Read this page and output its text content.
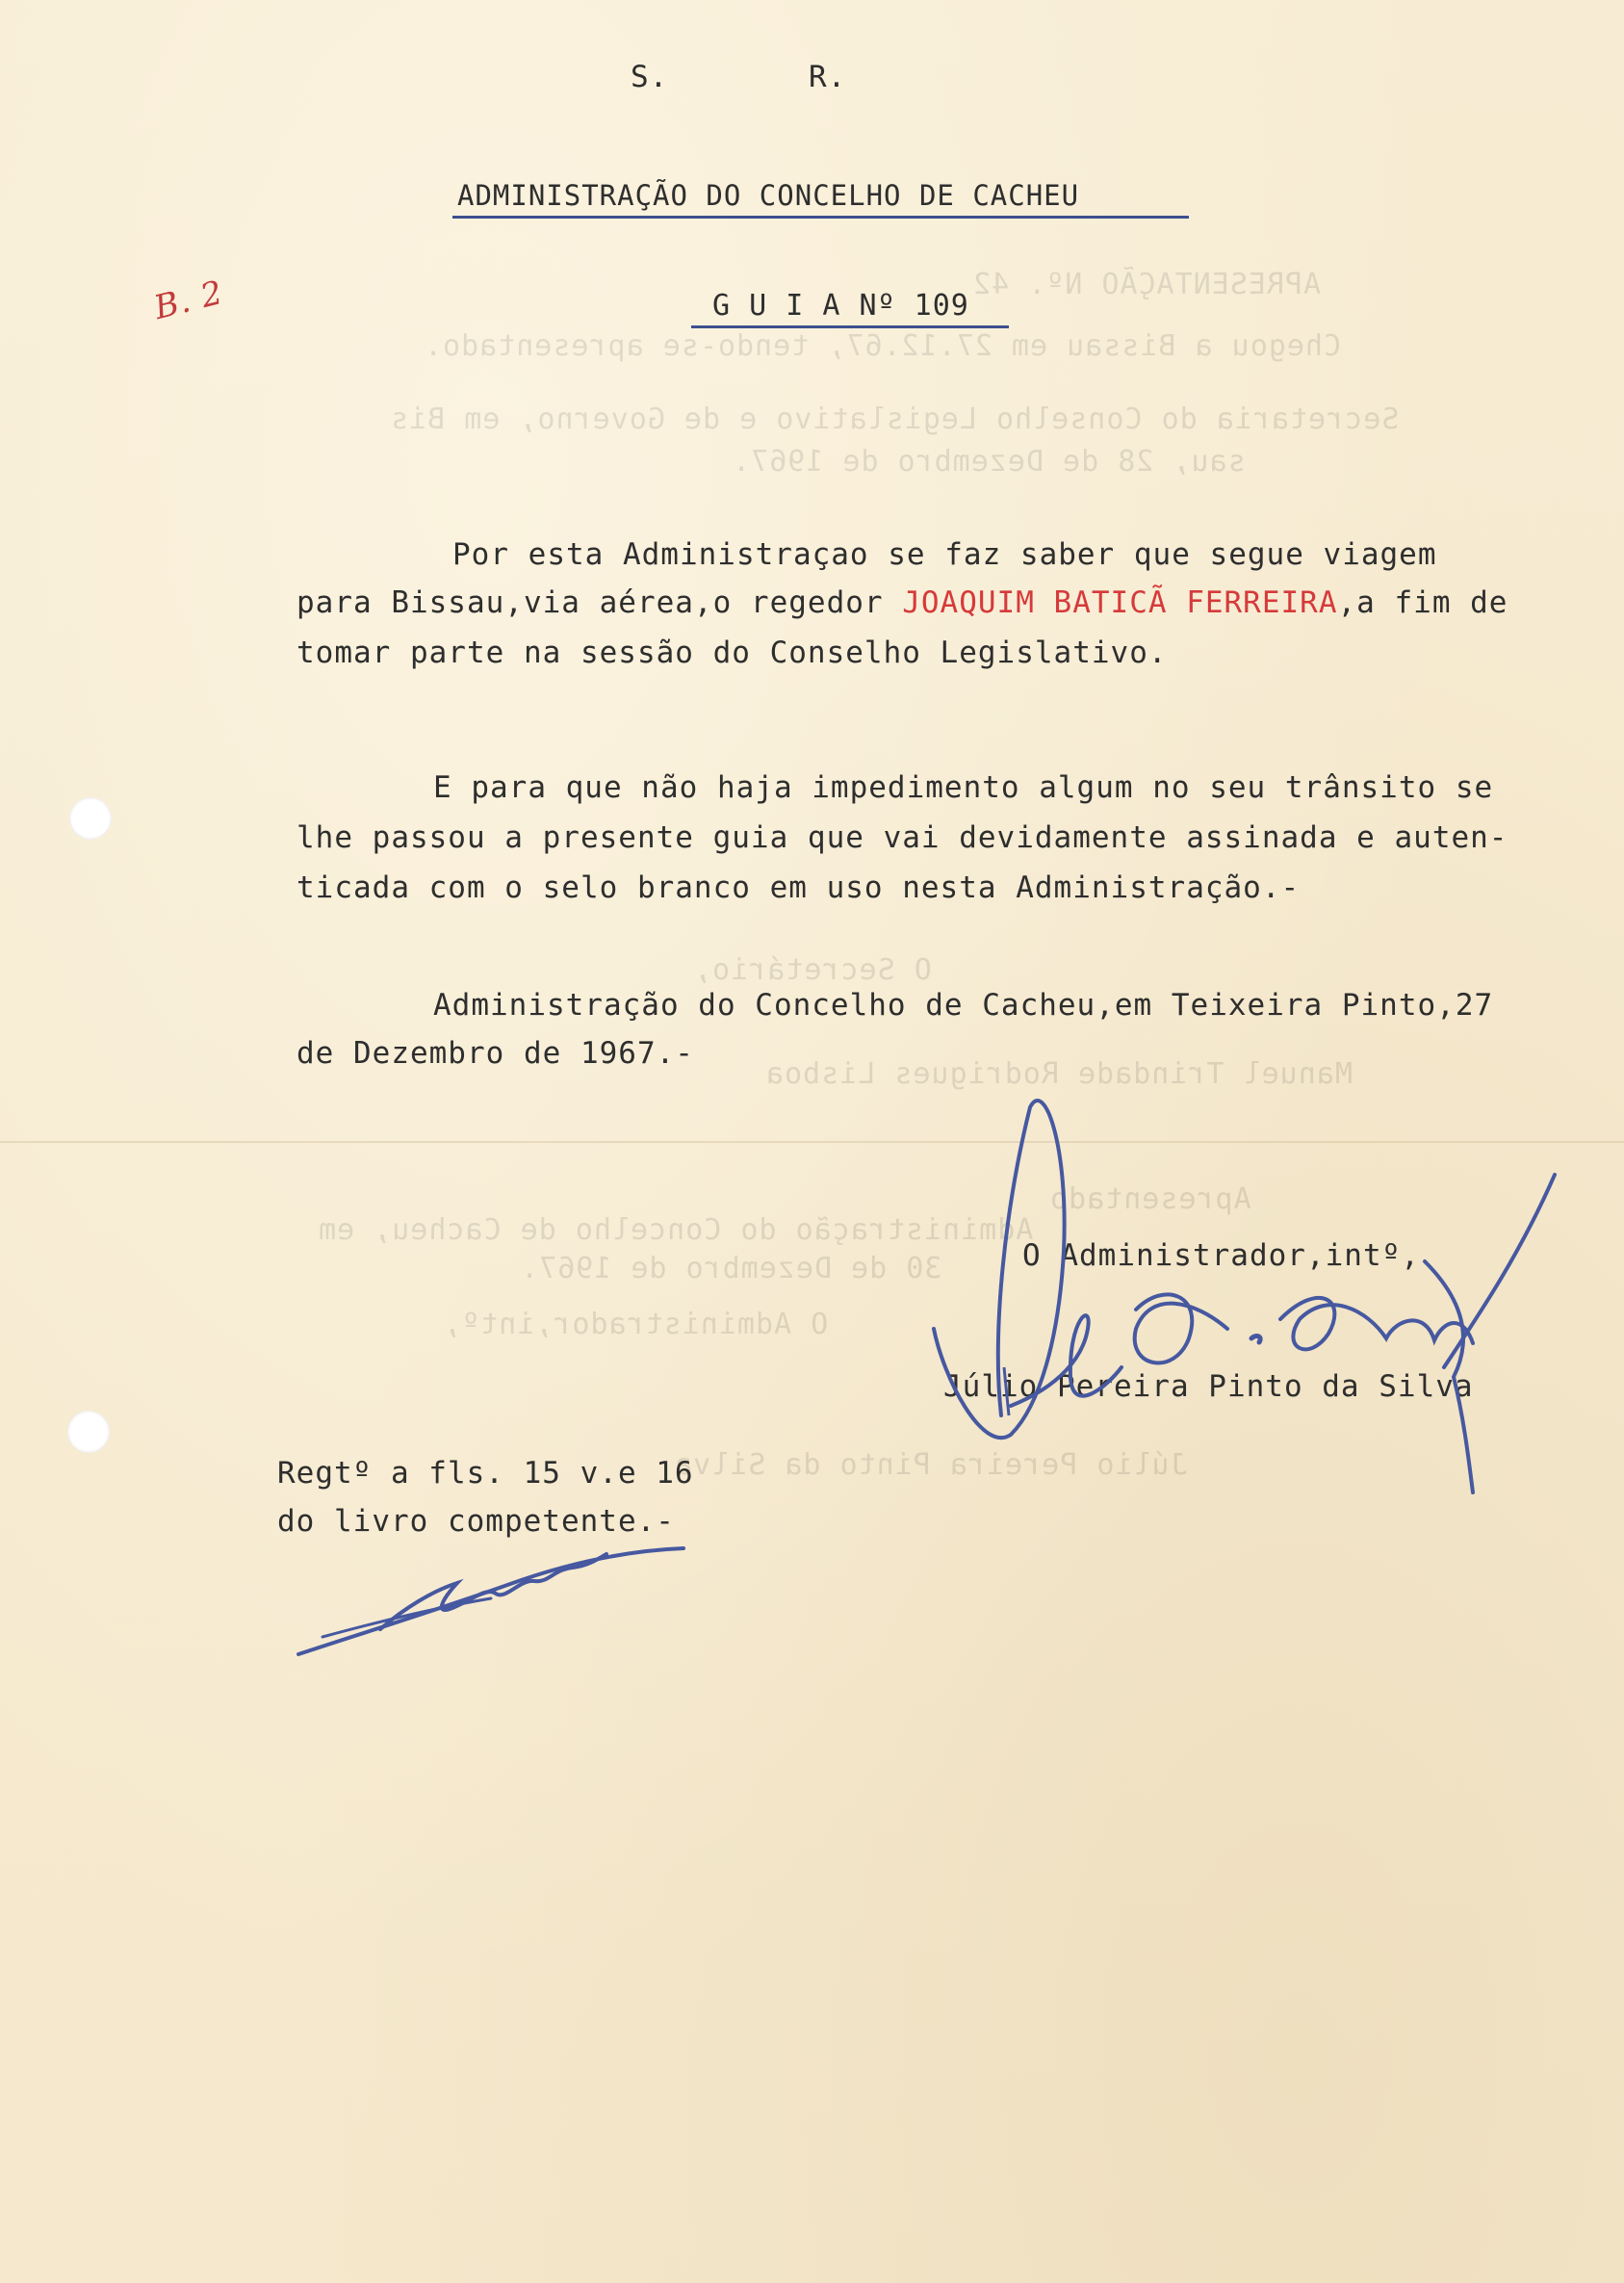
APRESENTAÇÃO Nº. 42
Chegou a Bissau em 27.12.67, tendo-se apresentado.
Secretaria do Conselho Legislativo e de Governo, em Bis
sau, 28 de Dezembro de 1967.
O Secretário,
Manuel Trindade Rodrigues Lisboa
Apresentado
Administração do Concelho de Cacheu, em
30 de Dezembro de 1967.
O Administrador,intº,
Júlio Pereira Pinto da Silva
S.	R.
ADMINISTRAÇÃO DO CONCELHO DE CACHEU
G U I A Nº 109
B. 2
Por esta Administraçao se faz saber que segue viagem
para Bissau,via aérea,o regedor JOAQUIM BATICÃ FERREIRA,a fim de
tomar parte na sessão do Conselho Legislativo.
E para que não haja impedimento algum no seu trânsito se
lhe passou a presente guia que vai devidamente assinada e auten-
ticada com o selo branco em uso nesta Administração.-
Administração do Concelho de Cacheu,em Teixeira Pinto,27
de Dezembro de 1967.-
O Administrador,intº,
Júlio Pereira Pinto da Silva
Regtº a fls. 15 v.e 16
do livro competente.-
